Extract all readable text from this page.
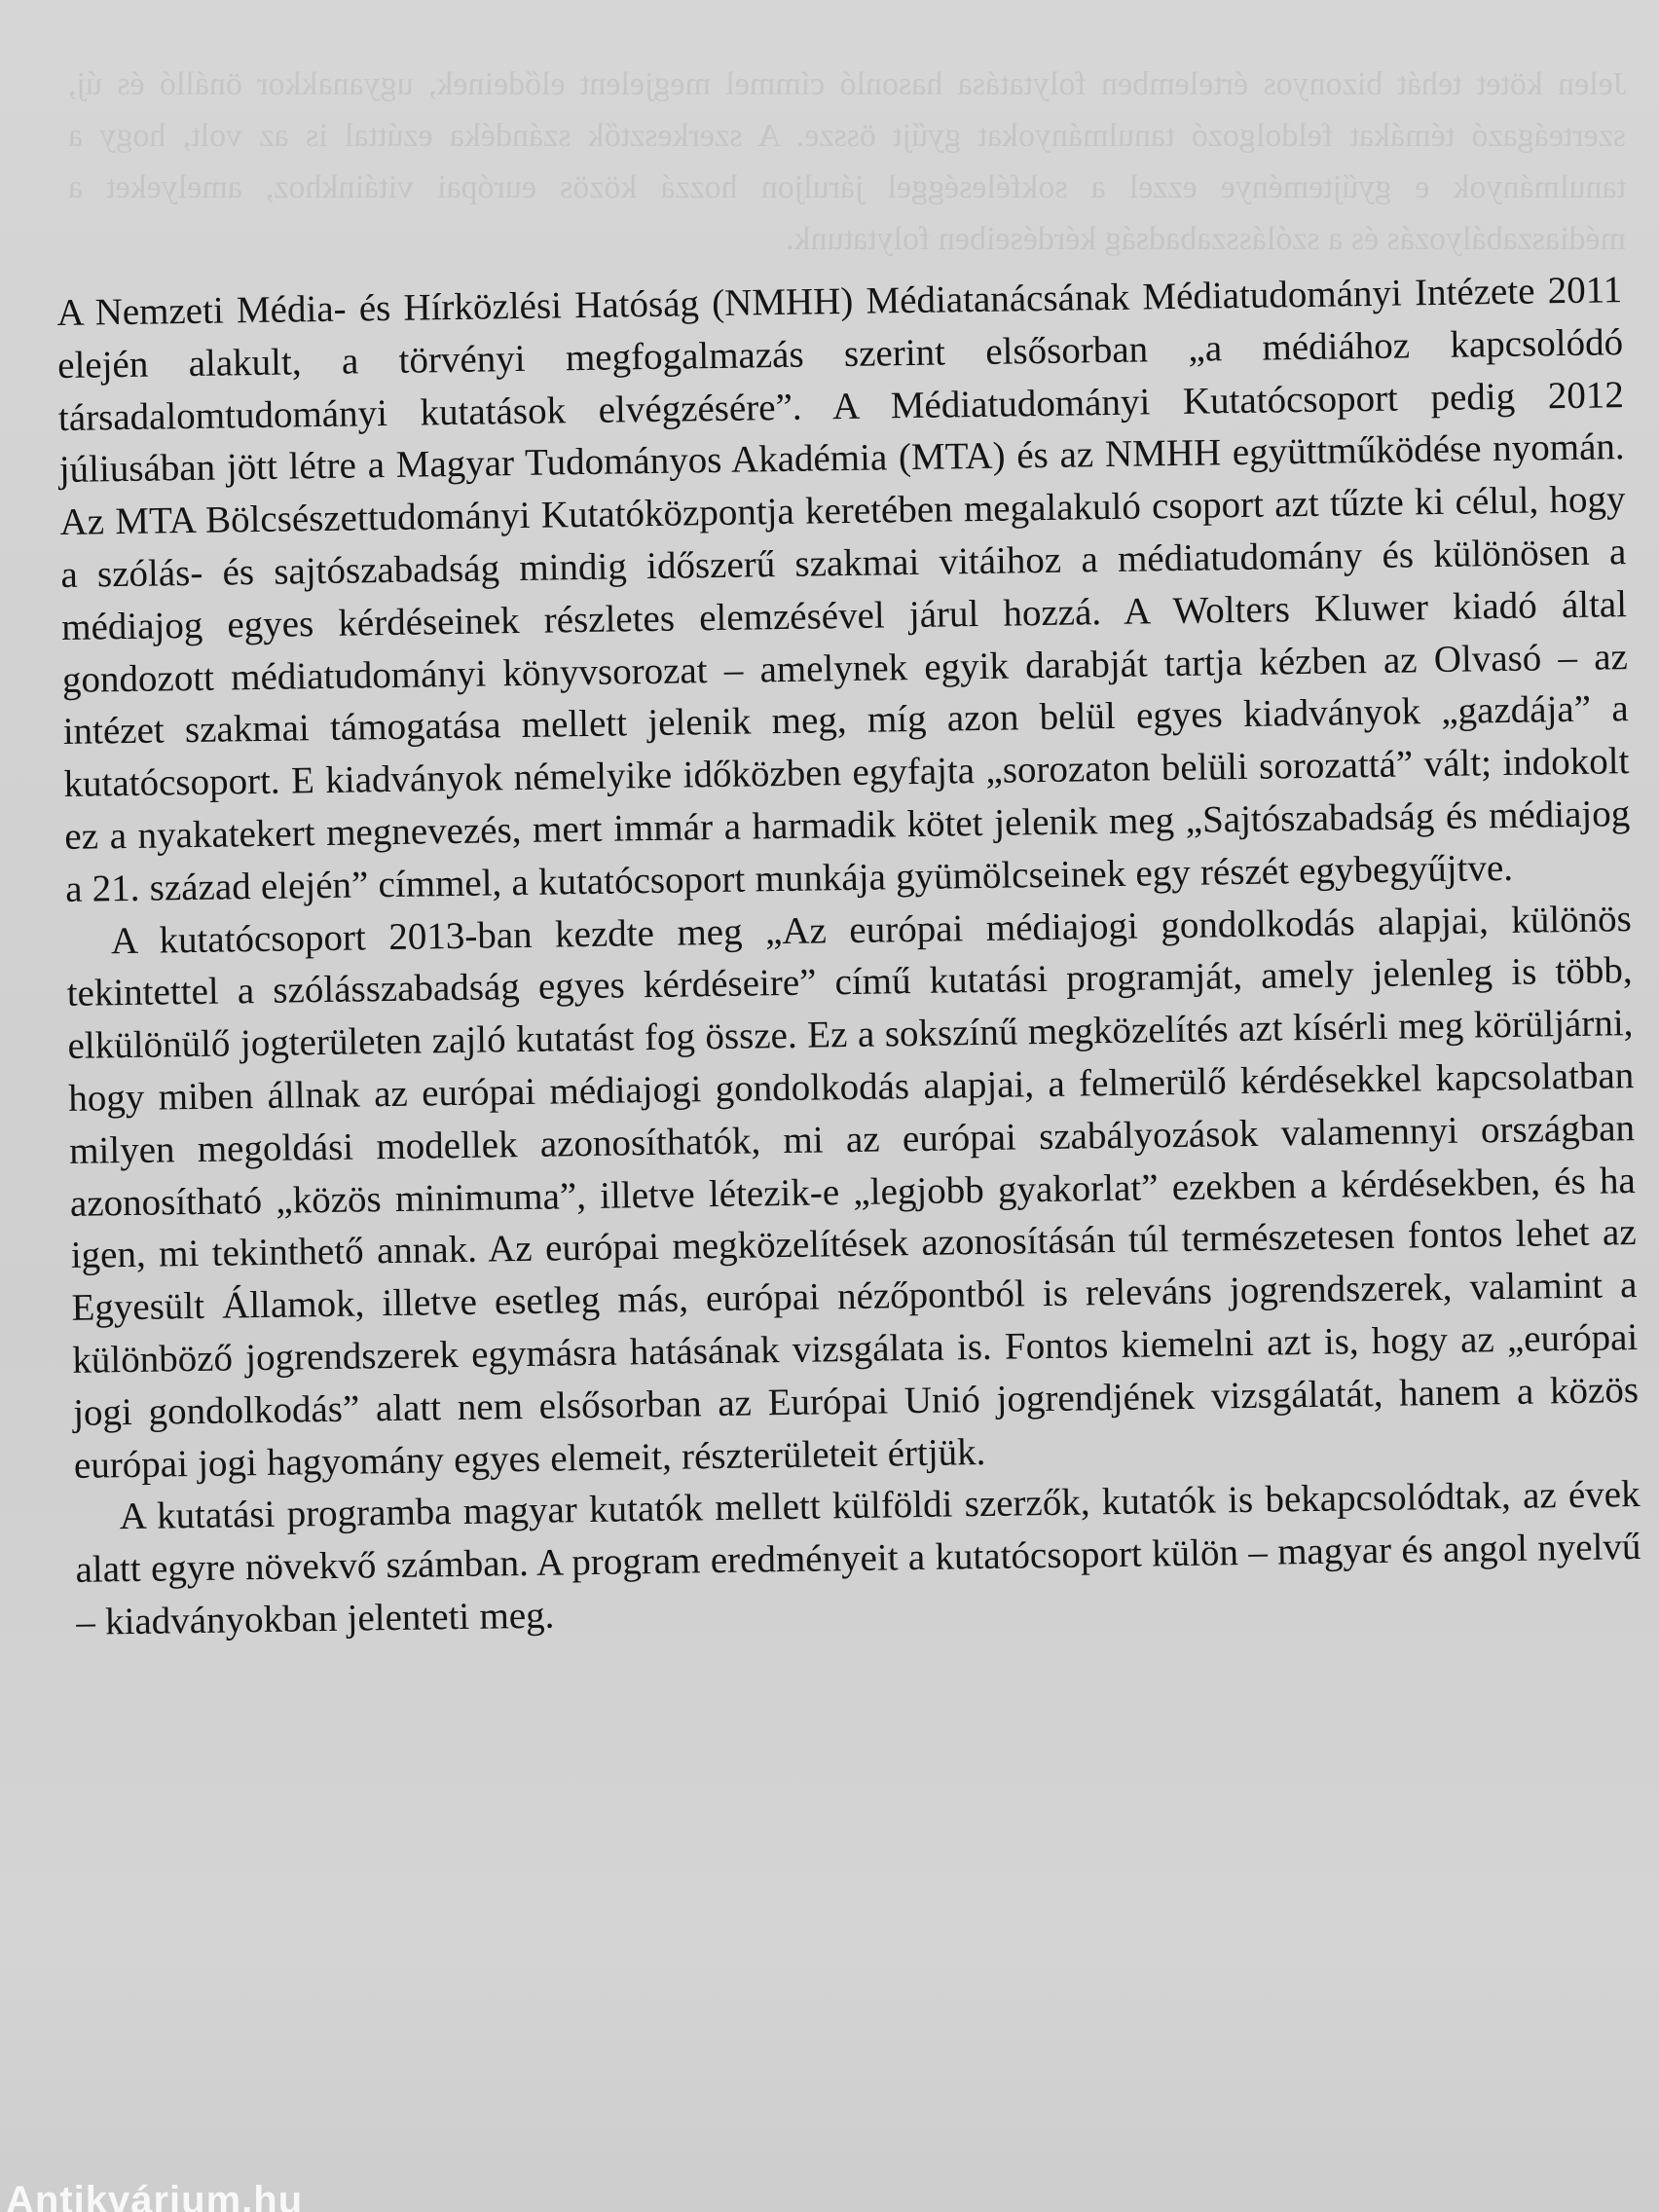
Jelen kötet tehát bizonyos értelemben folytatása hasonló címmel megjelent elődeinek, ugyanakkor önálló és új, szerteágazó témákat feldolgozó tanulmányokat gyűjt össze. A szerkesztők szándéka ezúttal is az volt, hogy a tanulmányok e gyűjteménye ezzel a sokféleséggel járuljon hozzá közös európai vitáinkhoz, amelyeket a médiaszabályozás és a szólásszabadság kérdéseiben folytatunk.

A Nemzeti Média- és Hírközlési Hatóság (NMHH) Médiatanácsának Médiatudományi Intézete 2011 elején alakult, a törvényi megfogalmazás szerint elsősorban „a médiához kapcsolódó társadalomtudományi kutatások elvégzésére”. A Médiatudományi Kutatócsoport pedig 2012 júliusában jött létre a Magyar Tudományos Akadémia (MTA) és az NMHH együttműködése nyomán. Az MTA Bölcsészettudományi Kutatóközpontja keretében megalakuló csoport azt tűzte ki célul, hogy a szólás- és sajtószabadság mindig időszerű szakmai vitáihoz a médiatudomány és különösen a médiajog egyes kérdéseinek részletes elemzésével járul hozzá. A Wolters Kluwer kiadó által gondozott médiatudományi könyvsorozat – amelynek egyik darabját tartja kézben az Olvasó – az intézet szakmai támogatása mellett jelenik meg, míg azon belül egyes kiadványok „gazdája” a kutatócsoport. E kiadványok némelyike időközben egyfajta „sorozaton belüli sorozattá” vált; indokolt ez a nyakatekert megnevezés, mert immár a harmadik kötet jelenik meg „Sajtószabadság és médiajog a 21. század elején” címmel, a kutatócsoport munkája gyümölcseinek egy részét egybegyűjtve.

A kutatócsoport 2013-ban kezdte meg „Az európai médiajogi gondolkodás alapjai, különös tekintettel a szólásszabadság egyes kérdéseire” című kutatási programját, amely jelenleg is több, elkülönülő jogterületen zajló kutatást fog össze. Ez a sokszínű megközelítés azt kísérli meg körüljárni, hogy miben állnak az európai médiajogi gondolkodás alapjai, a felmerülő kérdésekkel kapcsolatban milyen megoldási modellek azonosíthatók, mi az európai szabályozások valamennyi országban azonosítható „közös minimuma”, illetve létezik-e „legjobb gyakorlat” ezekben a kérdésekben, és ha igen, mi tekinthető annak. Az európai megközelítések azonosításán túl természetesen fontos lehet az Egyesült Államok, illetve esetleg más, európai nézőpontból is releváns jogrendszerek, valamint a különböző jogrendszerek egymásra hatásának vizsgálata is. Fontos kiemelni azt is, hogy az „európai jogi gondolkodás” alatt nem elsősorban az Európai Unió jogrendjének vizsgálatát, hanem a közös európai jogi hagyomány egyes elemeit, részterületeit értjük.

A kutatási programba magyar kutatók mellett külföldi szerzők, kutatók is bekapcsolódtak, az évek alatt egyre növekvő számban. A program eredményeit a kutatócsoport külön – magyar és angol nyelvű – kiadványokban jelenteti meg.

Antikvárium.hu
